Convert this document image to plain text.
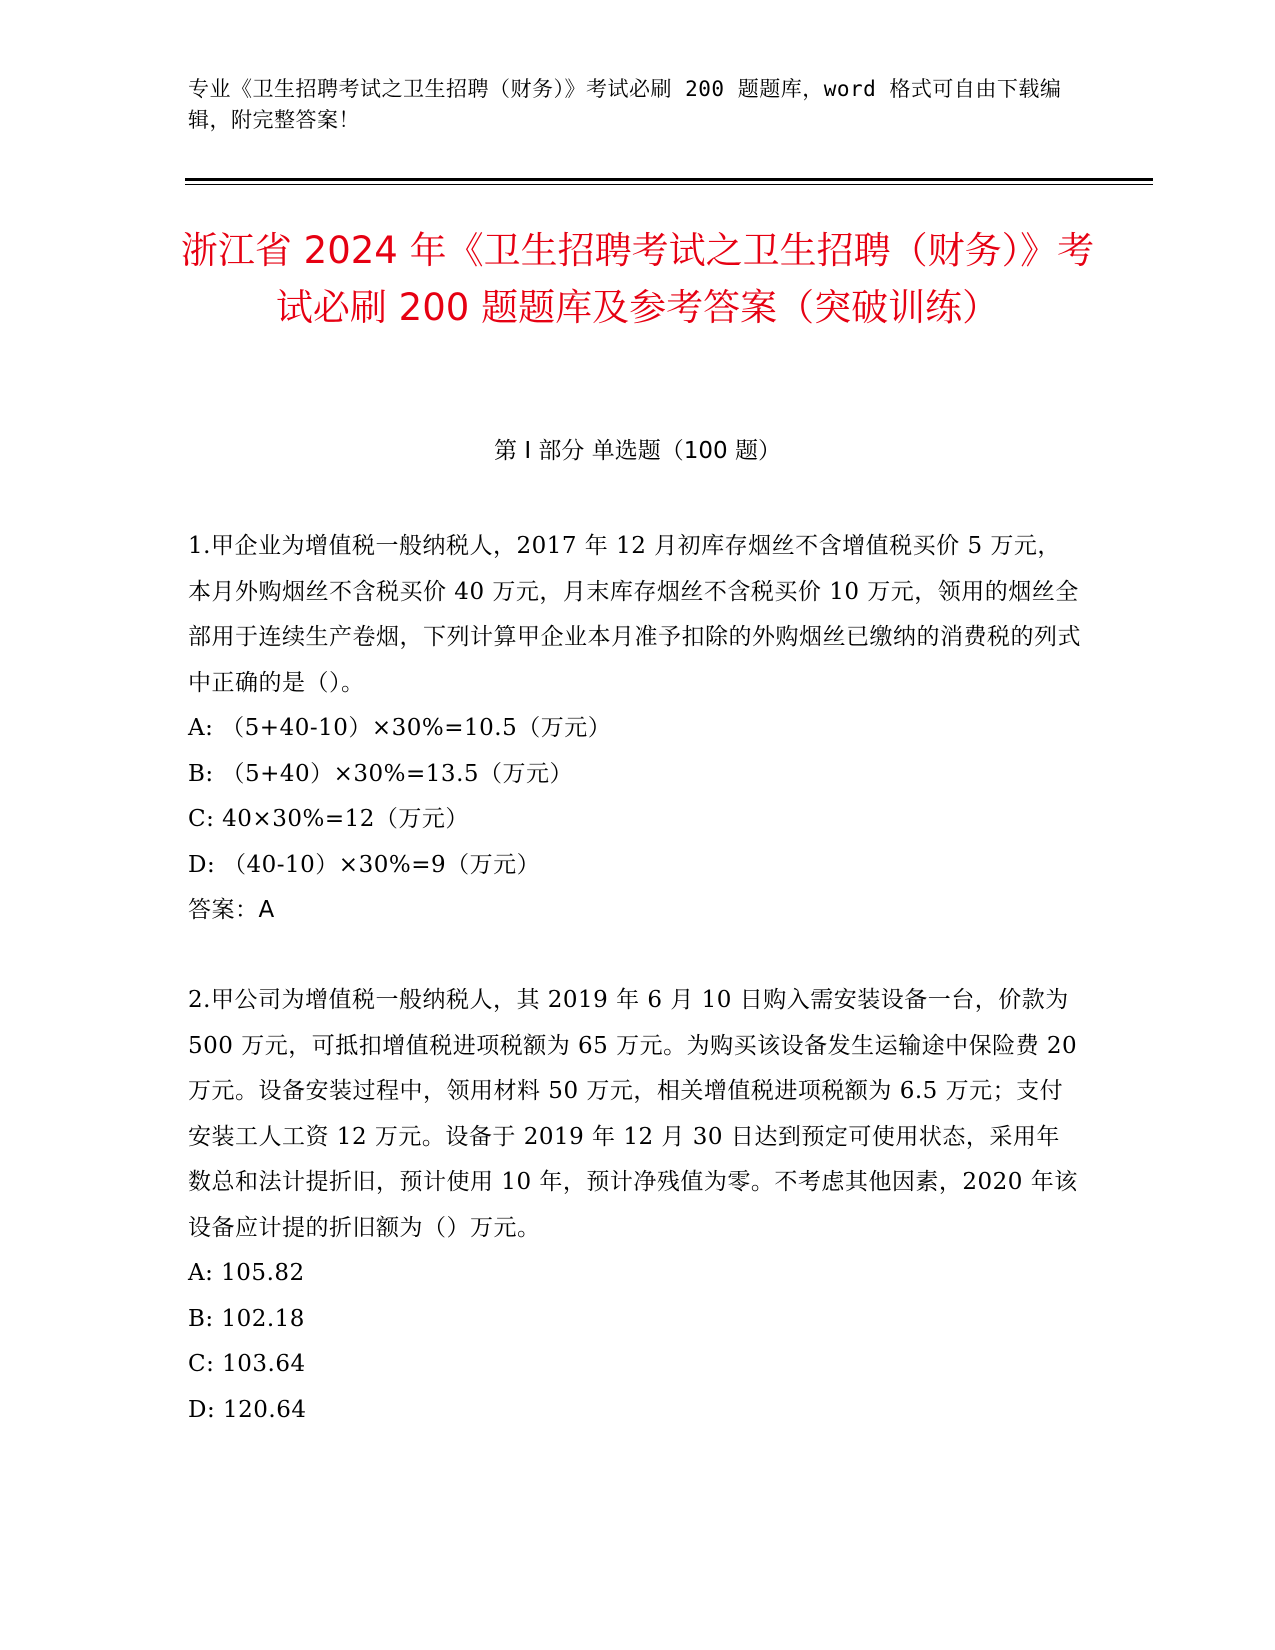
专业《卫生招聘考试之卫生招聘（财务）》考试必刷 200 题题库，word 格式可自由下载编辑，附完整答案！
浙江省 2024 年《卫生招聘考试之卫生招聘（财务）》考试必刷 200 题题库及参考答案（突破训练）
第 I 部分 单选题（100 题）

1.甲企业为增值税一般纳税人，2017 年 12 月初库存烟丝不含增值税买价 5 万元，本月外购烟丝不含税买价 40 万元，月末库存烟丝不含税买价 10 万元，领用的烟丝全部用于连续生产卷烟，下列计算甲企业本月准予扣除的外购烟丝已缴纳的消费税的列式中正确的是（）。

A: （5+40-10）×30%=10.5（万元）

B: （5+40）×30%=13.5（万元）

C: 40×30%=12（万元）

D: （40-10）×30%=9（万元）

答案：A

2.甲公司为增值税一般纳税人，其 2019 年 6 月 10 日购入需安装设备一台，价款为 500 万元，可抵扣增值税进项税额为 65 万元。为购买该设备发生运输途中保险费 20 万元。设备安装过程中，领用材料 50 万元，相关增值税进项税额为 6.5 万元；支付安装工人工资 12 万元。设备于 2019 年 12 月 30 日达到预定可使用状态，采用年数总和法计提折旧，预计使用 10 年，预计净残值为零。不考虑其他因素，2020 年该设备应计提的折旧额为（）万元。

A: 105.82

B: 102.18

C: 103.64

D: 120.64
